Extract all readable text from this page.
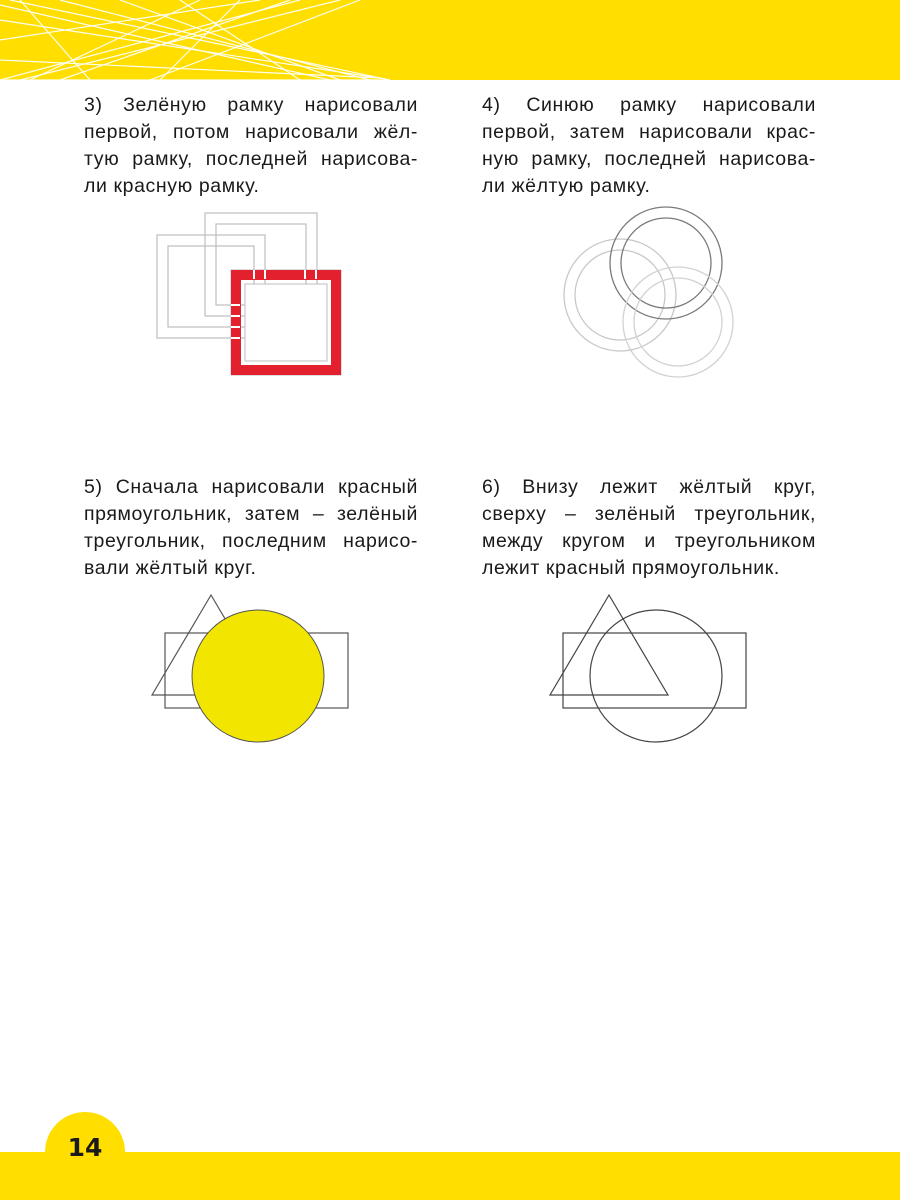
3) Зелёную рамку нарисовали первой, потом нарисовали жёл-тую рамку, последней нарисова-ли красную рамку.

4) Синюю рамку нарисовали первой, затем нарисовали крас-ную рамку, последней нарисова-ли жёлтую рамку.

5) Сначала нарисовали красный прямоугольник, затем – зелёный треугольник, последним нарисо-вали жёлтый круг.

6) Внизу лежит жёлтый круг, сверху – зелёный треугольник, между кругом и треугольником лежит красный прямоугольник.

14
